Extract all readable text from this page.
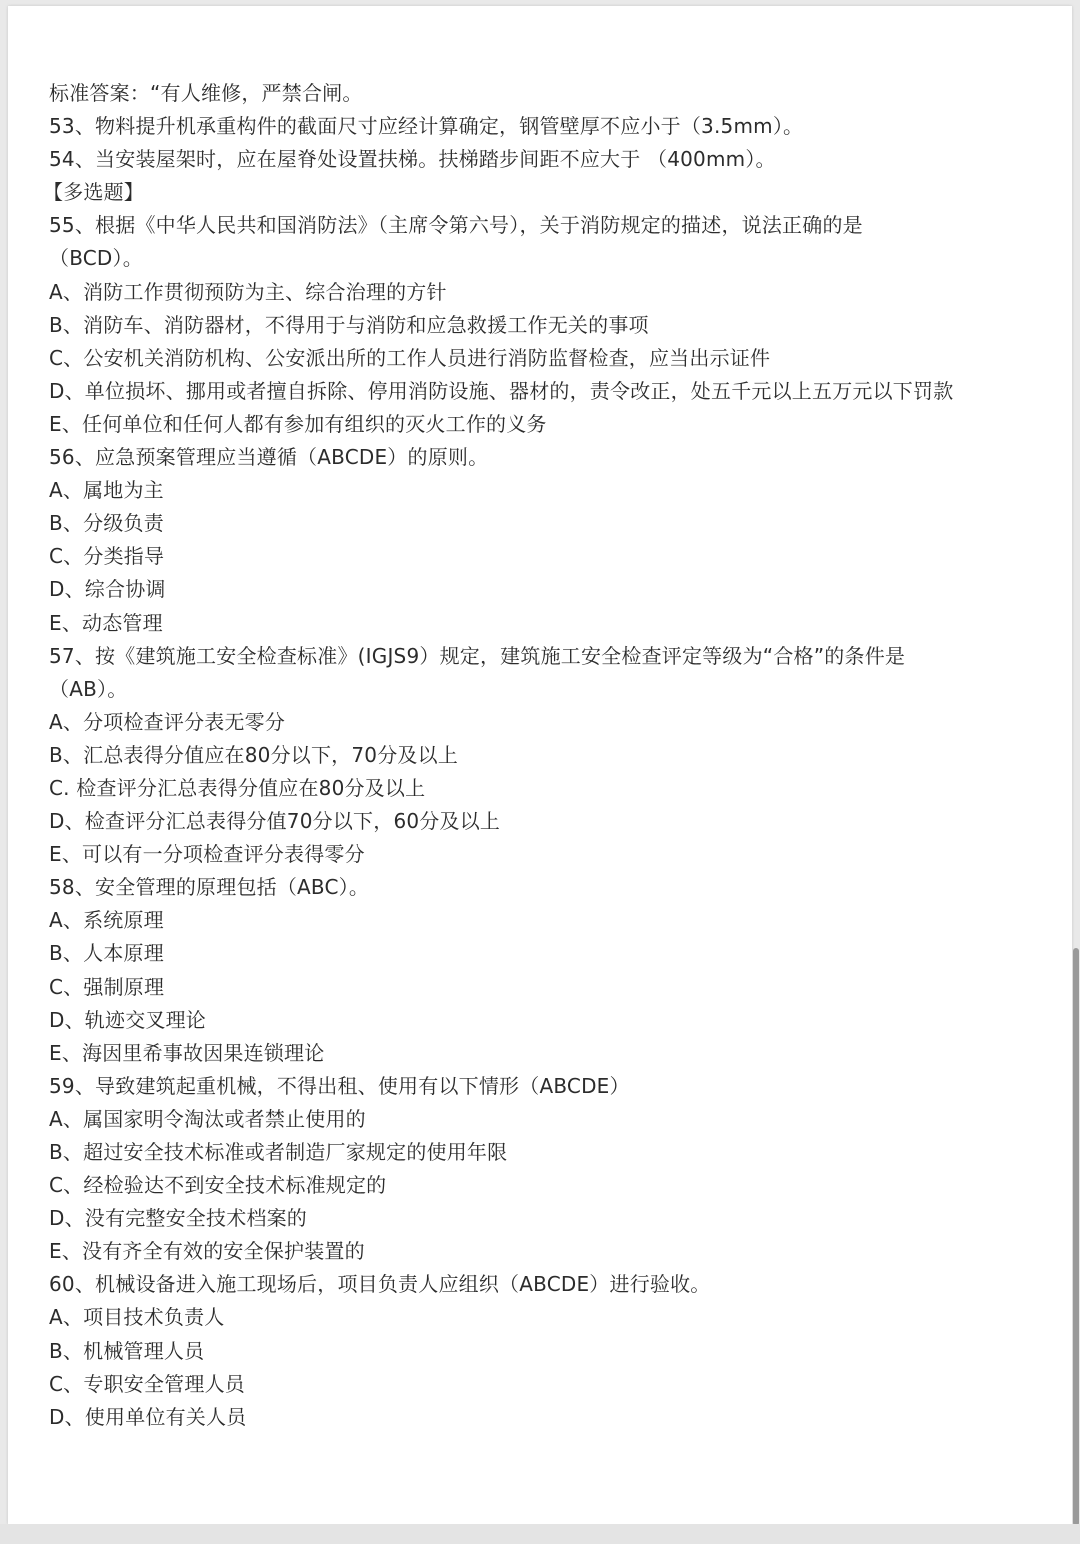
标准答案：“有人维修，严禁合闸。
53、物料提升机承重构件的截面尺寸应经计算确定，钢管壁厚不应小于（3.5mm）。
54、当安装屋架时，应在屋脊处设置扶梯。扶梯踏步间距不应大于 （400mm）。
【多选题】
55、根据《中华人民共和国消防法》（主席令第六号），关于消防规定的描述，说法正确的是
（BCD）。
A、消防工作贯彻预防为主、综合治理的方针
B、消防车、消防器材，不得用于与消防和应急救援工作无关的事项
C、公安机关消防机构、公安派出所的工作人员进行消防监督检查，应当出示证件
D、单位损坏、挪用或者擅自拆除、停用消防设施、器材的，责令改正，处五千元以上五万元以下罚款
E、任何单位和任何人都有参加有组织的灭火工作的义务
56、应急预案管理应当遵循（ABCDE）的原则。
A、属地为主
B、分级负责
C、分类指导
D、综合协调
E、动态管理
57、按《建筑施工安全检查标准》(IGJS9）规定，建筑施工安全检查评定等级为“合格”的条件是
（AB）。
A、分项检查评分表无零分
B、汇总表得分值应在80分以下，70分及以上
C. 检查评分汇总表得分值应在80分及以上
D、检查评分汇总表得分值70分以下，60分及以上
E、可以有一分项检查评分表得零分
58、安全管理的原理包括（ABC）。
A、系统原理
B、人本原理
C、强制原理
D、轨迹交叉理论
E、海因里希事故因果连锁理论
59、导致建筑起重机械，不得出租、使用有以下情形（ABCDE）
A、属国家明令淘汰或者禁止使用的
B、超过安全技术标准或者制造厂家规定的使用年限
C、经检验达不到安全技术标准规定的
D、没有完整安全技术档案的
E、没有齐全有效的安全保护装置的
60、机械设备进入施工现场后，项目负责人应组织（ABCDE）进行验收。
A、项目技术负责人
B、机械管理人员
C、专职安全管理人员
D、使用单位有关人员
